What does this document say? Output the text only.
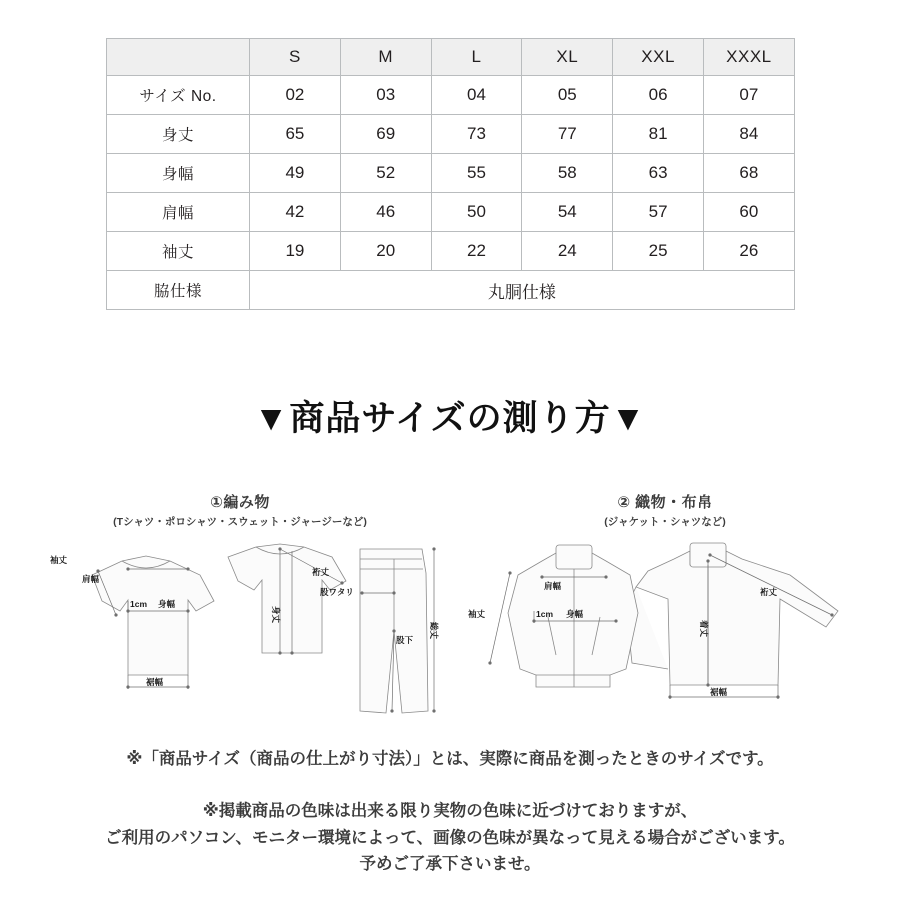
	S	M	L	XL	XXL	XXXL
サイズ No.	02	03	04	05	06	07
身丈	65	69	73	77	81	84
身幅	49	52	55	58	63	68
肩幅	42	46	50	54	57	60
袖丈	19	20	22	24	25	26
脇仕様	丸胴仕様					
▼商品サイズの測り方▼
①編み物
(Tシャツ・ポロシャツ・スウェット・ジャージーなど)
袖丈
肩幅
1cm 身幅
裾幅
裄丈
身丈
股ワタリ
股下
総丈
② 織物・布帛
(ジャケット・シャツなど)
袖丈
肩幅
1cm 身幅
裄丈
着丈
裾幅
※「商品サイズ（商品の仕上がり寸法）」とは、実際に商品を測ったときのサイズです。
※掲載商品の色味は出来る限り実物の色味に近づけておりますが、
ご利用のパソコン、モニター環境によって、画像の色味が異なって見える場合がございます。
予めご了承下さいませ。
